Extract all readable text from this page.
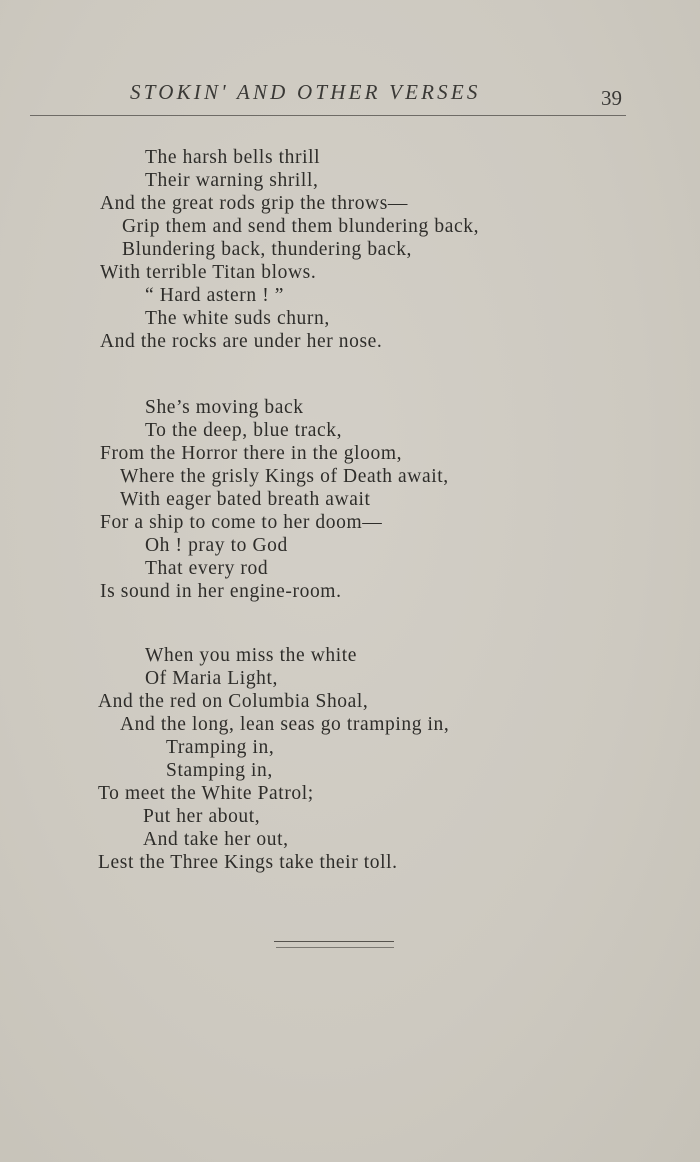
STOKIN' AND OTHER VERSES	39
The harsh bells thrill
Their warning shrill,
And the great rods grip the throws—
Grip them and send them blundering back,
Blundering back, thundering back,
With terrible Titan blows.
“ Hard astern ! ”
The white suds churn,
And the rocks are under her nose.
She’s moving back
To the deep, blue track,
From the Horror there in the gloom,
Where the grisly Kings of Death await,
With eager bated breath await
For a ship to come to her doom—
Oh ! pray to God
That every rod
Is sound in her engine-room.
When you miss the white
Of Maria Light,
And the red on Columbia Shoal,
And the long, lean seas go tramping in,
Tramping in,
Stamping in,
To meet the White Patrol;
Put her about,
And take her out,
Lest the Three Kings take their toll.
